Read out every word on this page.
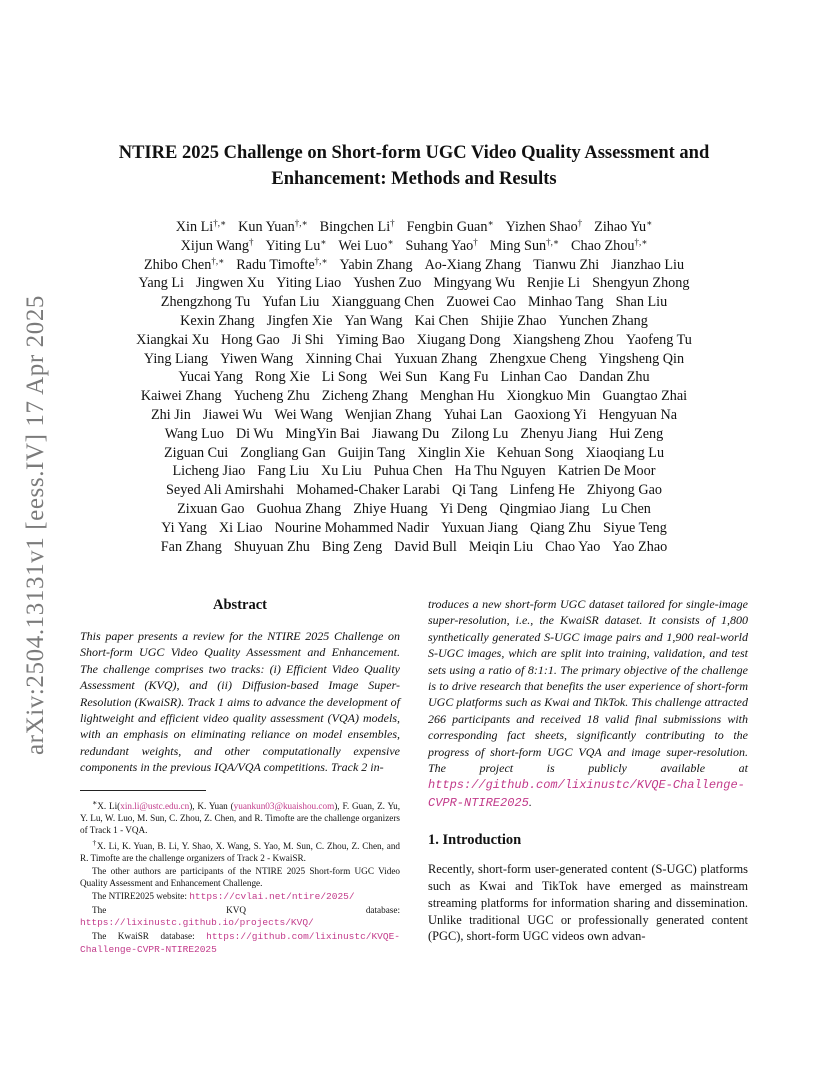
arXiv:2504.13131v1 [eess.IV] 17 Apr 2025
NTIRE 2025 Challenge on Short-form UGC Video Quality Assessment and
Enhancement: Methods and Results
Xin Li†,∗ Kun Yuan†,∗ Bingchen Li† Fengbin Guan∗ Yizhen Shao† Zihao Yu∗
Xijun Wang† Yiting Lu∗ Wei Luo∗ Suhang Yao† Ming Sun†,∗ Chao Zhou†,∗
Zhibo Chen†,∗ Radu Timofte†,∗ Yabin Zhang Ao-Xiang Zhang Tianwu Zhi Jianzhao Liu
Yang Li Jingwen Xu Yiting Liao Yushen Zuo Mingyang Wu Renjie Li Shengyun Zhong
Zhengzhong Tu Yufan Liu Xiangguang Chen Zuowei Cao Minhao Tang Shan Liu
Kexin Zhang Jingfen Xie Yan Wang Kai Chen Shijie Zhao Yunchen Zhang
Xiangkai Xu Hong Gao Ji Shi Yiming Bao Xiugang Dong Xiangsheng Zhou Yaofeng Tu
Ying Liang Yiwen Wang Xinning Chai Yuxuan Zhang Zhengxue Cheng Yingsheng Qin
Yucai Yang Rong Xie Li Song Wei Sun Kang Fu Linhan Cao Dandan Zhu
Kaiwei Zhang Yucheng Zhu Zicheng Zhang Menghan Hu Xiongkuo Min Guangtao Zhai
Zhi Jin Jiawei Wu Wei Wang Wenjian Zhang Yuhai Lan Gaoxiong Yi Hengyuan Na
Wang Luo Di Wu MingYin Bai Jiawang Du Zilong Lu Zhenyu Jiang Hui Zeng
Ziguan Cui Zongliang Gan Guijin Tang Xinglin Xie Kehuan Song Xiaoqiang Lu
Licheng Jiao Fang Liu Xu Liu Puhua Chen Ha Thu Nguyen Katrien De Moor
Seyed Ali Amirshahi Mohamed-Chaker Larabi Qi Tang Linfeng He Zhiyong Gao
Zixuan Gao Guohua Zhang Zhiye Huang Yi Deng Qingmiao Jiang Lu Chen
Yi Yang Xi Liao Nourine Mohammed Nadir Yuxuan Jiang Qiang Zhu Siyue Teng
Fan Zhang Shuyuan Zhu Bing Zeng David Bull Meiqin Liu Chao Yao Yao Zhao
Abstract

This paper presents a review for the NTIRE 2025 Challenge on Short-form UGC Video Quality Assessment and Enhancement. The challenge comprises two tracks: (i) Efficient Video Quality Assessment (KVQ), and (ii) Diffusion-based Image Super-Resolution (KwaiSR). Track 1 aims to advance the development of lightweight and efficient video quality assessment (VQA) models, with an emphasis on eliminating reliance on model ensembles, redundant weights, and other computationally expensive components in the previous IQA/VQA competitions. Track 2 in-

∗X. Li(xin.li@ustc.edu.cn), K. Yuan (yuankun03@kuaishou.com), F. Guan, Z. Yu, Y. Lu, W. Luo, M. Sun, C. Zhou, Z. Chen, and R. Timofte are the challenge organizers of Track 1 - VQA.

†X. Li, K. Yuan, B. Li, Y. Shao, X. Wang, S. Yao, M. Sun, C. Zhou, Z. Chen, and R. Timofte are the challenge organizers of Track 2 - KwaiSR.

The other authors are participants of the NTIRE 2025 Short-form UGC Video Quality Assessment and Enhancement Challenge.

The NTIRE2025 website: https://cvlai.net/ntire/2025/

The KVQ database: https://lixinustc.github.io/projects/KVQ/

The KwaiSR database: https://github.com/lixinustc/KVQE-Challenge-CVPR-NTIRE2025

troduces a new short-form UGC dataset tailored for single-image super-resolution, i.e., the KwaiSR dataset. It consists of 1,800 synthetically generated S-UGC image pairs and 1,900 real-world S-UGC images, which are split into training, validation, and test sets using a ratio of 8:1:1. The primary objective of the challenge is to drive research that benefits the user experience of short-form UGC platforms such as Kwai and TikTok. This challenge attracted 266 participants and received 18 valid final submissions with corresponding fact sheets, significantly contributing to the progress of short-form UGC VQA and image super-resolution. The project is publicly available at https://github.com/lixinustc/KVQE-Challenge-CVPR-NTIRE2025.

1. Introduction

Recently, short-form user-generated content (S-UGC) platforms such as Kwai and TikTok have emerged as mainstream streaming platforms for information sharing and dissemination. Unlike traditional UGC or professionally generated content (PGC), short-form UGC videos own advan-
